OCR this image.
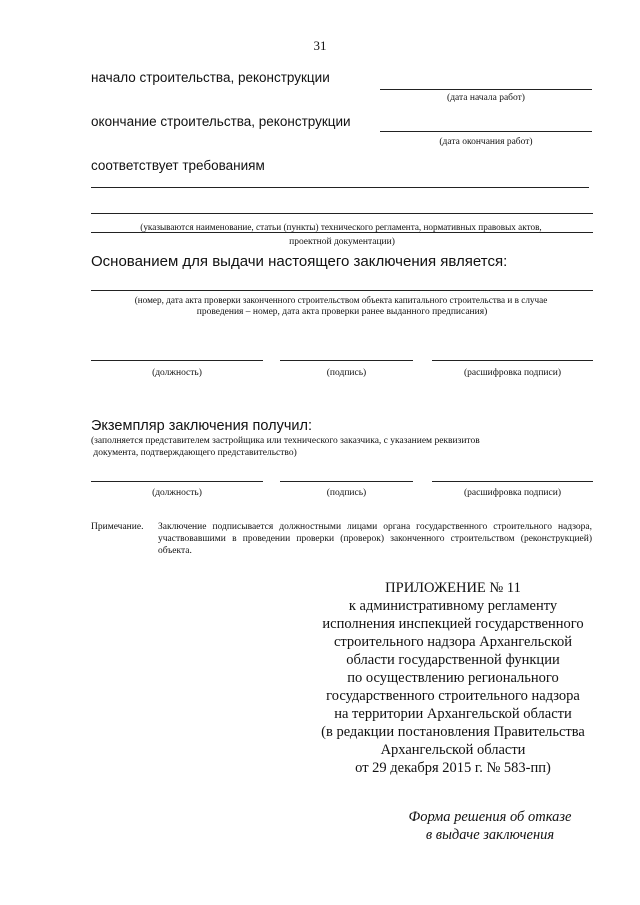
31
начало строительства, реконструкции
(дата начала работ)
окончание строительства, реконструкции
(дата окончания работ)
соответствует требованиям
(указываются наименование, статьи (пункты) технического регламента, нормативных правовых актов,
проектной документации)
Основанием для выдачи настоящего заключения является:
(номер, дата акта проверки законченного строительством объекта капитального строительства и в случае
проведения – номер, дата акта проверки ранее выданного предписания)
(должность)	(подпись)	(расшифровка подписи)
Экземпляр заключения получил:
(заполняется представителем застройщика или технического заказчика, с указанием реквизитов
документа, подтверждающего представительство)
(должность)	(подпись)	(расшифровка подписи)
Примечание. Заключение подписывается должностными лицами органа государственного строительного надзора, участвовавшими в проведении проверки (проверок) законченного строительством (реконструкцией) объекта.
ПРИЛОЖЕНИЕ № 11
к административному регламенту
исполнения инспекцией государственного
строительного надзора Архангельской
области государственной функции
по осуществлению регионального
государственного строительного надзора
на территории Архангельской области
(в редакции постановления Правительства
Архангельской области
от 29 декабря 2015 г. № 583-пп)
Форма решения об отказе
в выдаче заключения
